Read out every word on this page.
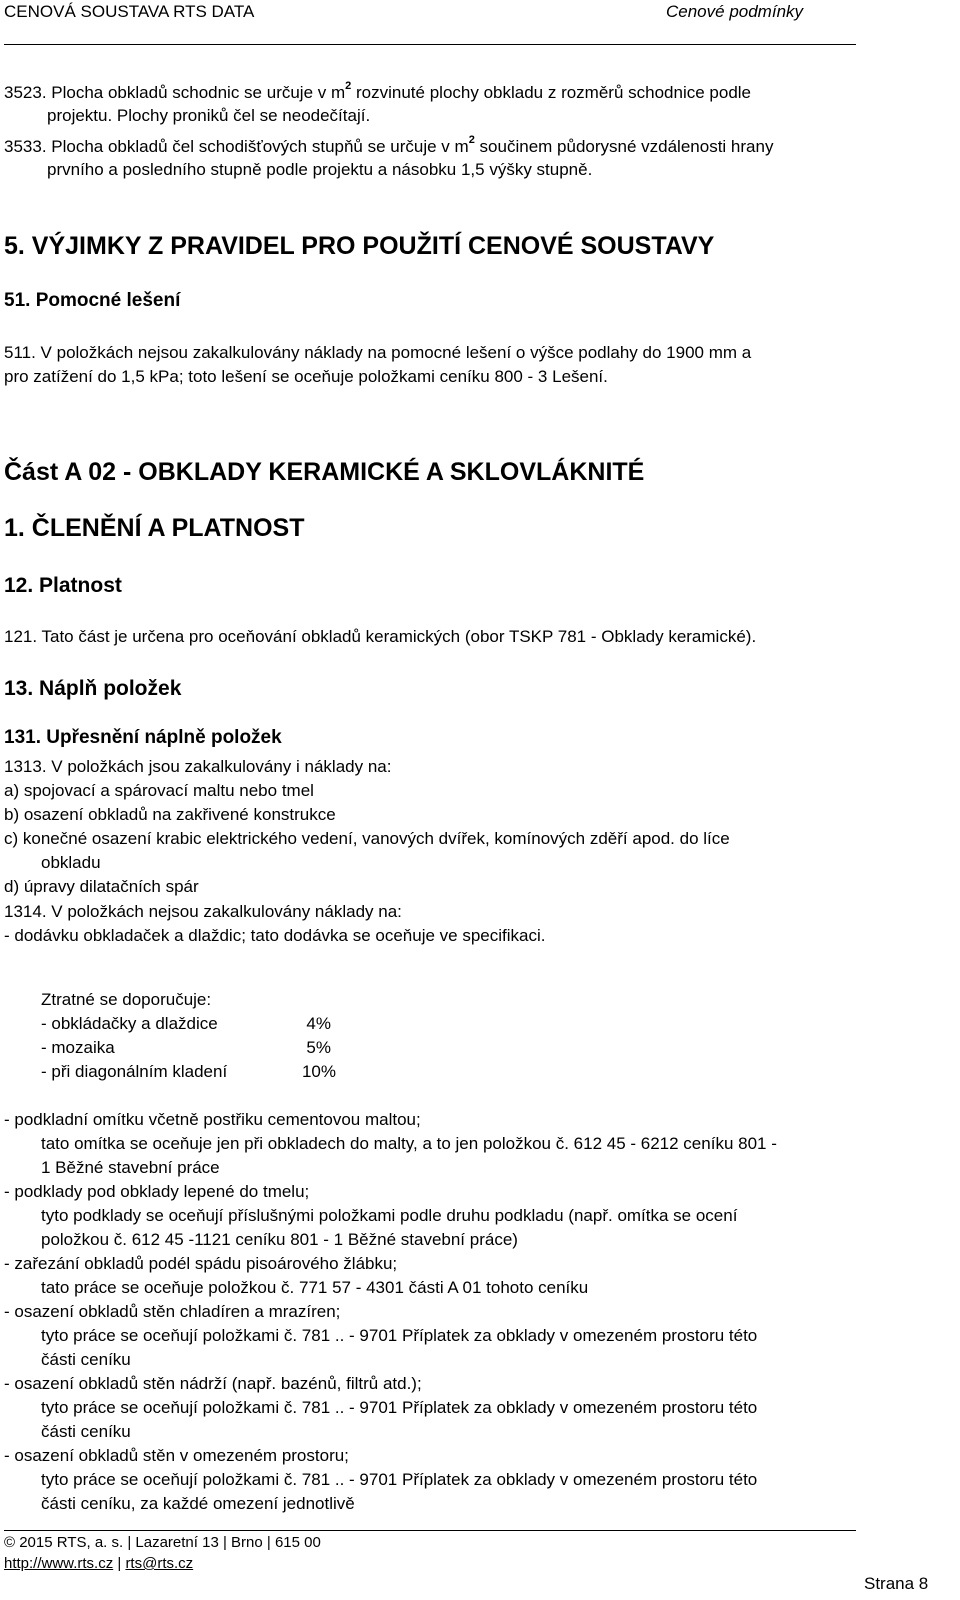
CENOVÁ SOUSTAVA RTS DATA	Cenové podmínky
3523. Plocha obkladů schodnic se určuje v $m^2$ rozvinuté plochy obkladu z rozměrů schodnice podle
projektu. Plochy proniků čel se neodečítají.
3533. Plocha obkladů čel schodišťových stupňů se určuje v $m^2$ součinem půdorysné vzdálenosti hrany
prvního a posledního stupně podle projektu a násobku 1,5 výšky stupně.
5. VÝJIMKY Z PRAVIDEL PRO POUŽITÍ CENOVÉ SOUSTAVY
51. Pomocné lešení
511. V položkách nejsou zakalkulovány náklady na pomocné lešení o výšce podlahy do 1900 mm a
pro zatížení do 1,5 kPa; toto lešení se oceňuje položkami ceníku 800 - 3 Lešení.
Část A 02 - OBKLADY KERAMICKÉ A SKLOVLÁKNITÉ
1. ČLENĚNÍ A PLATNOST
12. Platnost
121. Tato část je určena pro oceňování obkladů keramických (obor TSKP 781 - Obklady keramické).
13. Náplň položek
131. Upřesnění náplně položek
1313. V položkách jsou zakalkulovány i náklady na:
a) spojovací a spárovací maltu nebo tmel
b) osazení obkladů na zakřivené konstrukce
c) konečné osazení krabic elektrického vedení, vanových dvířek, komínových zděří apod. do líce
obkladu
d) úpravy dilatačních spár
1314. V položkách nejsou zakalkulovány náklady na:
- dodávku obkladaček a dlaždic; tato dodávka se oceňuje ve specifikaci.
Ztratné se doporučuje:
- obkládačky a dlaždice	4%
- mozaika	5%
- při diagonálním kladení	10%
- podkladní omítku včetně postřiku cementovou maltou;
tato omítka se oceňuje jen při obkladech do malty, a to jen položkou č. 612 45 - 6212 ceníku 801 -
1 Běžné stavební práce
- podklady pod obklady lepené do tmelu;
tyto podklady se oceňují příslušnými položkami podle druhu podkladu (např. omítka se ocení
položkou č. 612 45 -1121 ceníku 801 - 1 Běžné stavební práce)
- zařezání obkladů podél spádu pisoárového žlábku;
tato práce se oceňuje položkou č. 771 57 - 4301 části A 01 tohoto ceníku
- osazení obkladů stěn chladíren a mrazíren;
tyto práce se oceňují položkami č. 781 .. - 9701 Příplatek za obklady v omezeném prostoru této
části ceníku
- osazení obkladů stěn nádrží (např. bazénů, filtrů atd.);
tyto práce se oceňují položkami č. 781 .. - 9701 Příplatek za obklady v omezeném prostoru této
části ceníku
- osazení obkladů stěn v omezeném prostoru;
tyto práce se oceňují položkami č. 781 .. - 9701 Příplatek za obklady v omezeném prostoru této
části ceníku, za každé omezení jednotlivě
© 2015 RTS, a. s. | Lazaretní 13 | Brno | 615 00
http://www.rts.cz | rts@rts.cz
Strana 8
